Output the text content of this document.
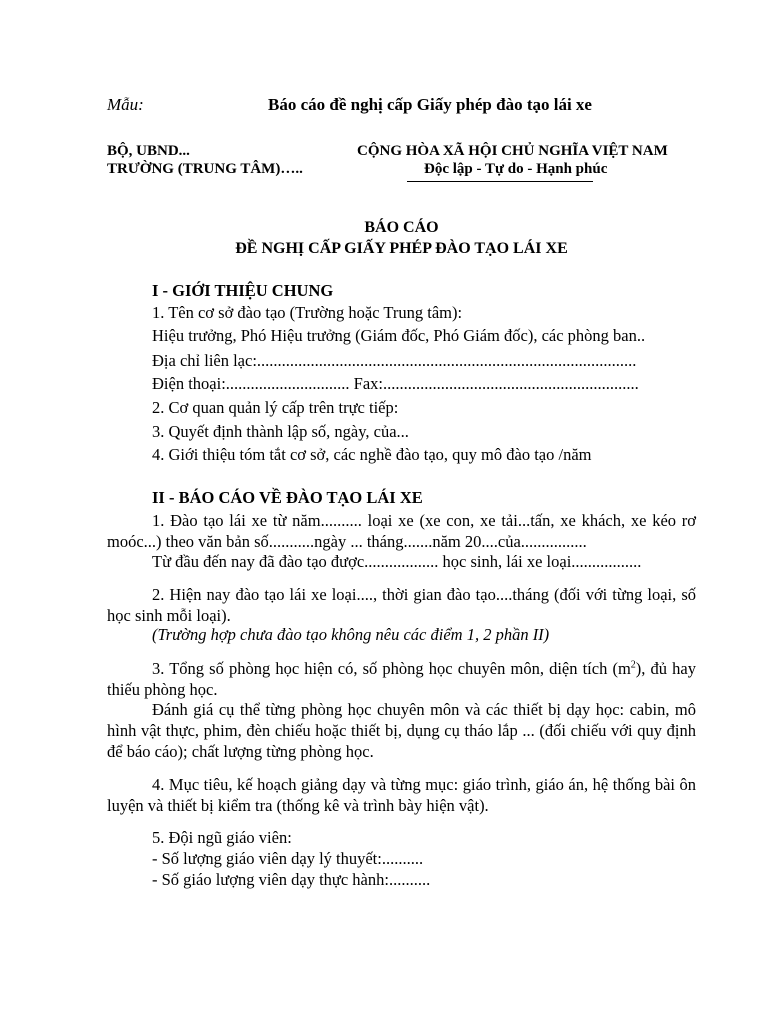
Mẫu:	Báo cáo đề nghị cấp Giấy phép đào tạo lái xe
BỘ, UBND...
TRƯỜNG (TRUNG TÂM)…..
CỘNG HÒA XÃ HỘI CHỦ NGHĨA VIỆT NAM
Độc lập - Tự do - Hạnh phúc
BÁO CÁO
ĐỀ NGHỊ CẤP GIẤY PHÉP ĐÀO TẠO LÁI XE
I - GIỚI THIỆU CHUNG
1. Tên cơ sở đào tạo (Trường hoặc Trung tâm):
Hiệu trưởng, Phó Hiệu trưởng (Giám đốc, Phó Giám đốc), các phòng ban..
Địa chỉ liên lạc:............................................................................................
Điện thoại:.............................. Fax:..............................................................
2. Cơ quan quản lý cấp trên trực tiếp:
3. Quyết định thành lập số, ngày, của...
4. Giới thiệu tóm tắt cơ sở, các nghề đào tạo, quy mô đào tạo /năm
II - BÁO CÁO VỀ ĐÀO TẠO LÁI XE
1. Đào tạo lái xe từ năm.......... loại xe (xe con, xe tải...tấn, xe khách, xe kéo rơ moóc...) theo văn bản số...........ngày ... tháng.......năm 20....của................
Từ đầu đến nay đã đào tạo được.................. học sinh, lái xe loại.................
2. Hiện nay đào tạo lái xe loại...., thời gian đào tạo....tháng (đối với từng loại, số học sinh mỗi loại).
(Trường hợp chưa đào tạo không nêu các điểm 1, 2 phần II)
3. Tổng số phòng học hiện có, số phòng học chuyên môn, diện tích $(m^2)$, đủ hay thiếu phòng học.
Đánh giá cụ thể từng phòng học chuyên môn và các thiết bị dạy học: cabin, mô hình vật thực, phim, đèn chiếu hoặc thiết bị, dụng cụ tháo lắp ... (đối chiếu với quy định để báo cáo); chất lượng từng phòng học.
4. Mục tiêu, kế hoạch giảng dạy và từng mục: giáo trình, giáo án, hệ thống bài ôn luyện và thiết bị kiểm tra (thống kê và trình bày hiện vật).
5. Đội ngũ giáo viên:
- Số lượng giáo viên dạy lý thuyết:..........
- Số giáo lượng viên dạy thực hành:..........
